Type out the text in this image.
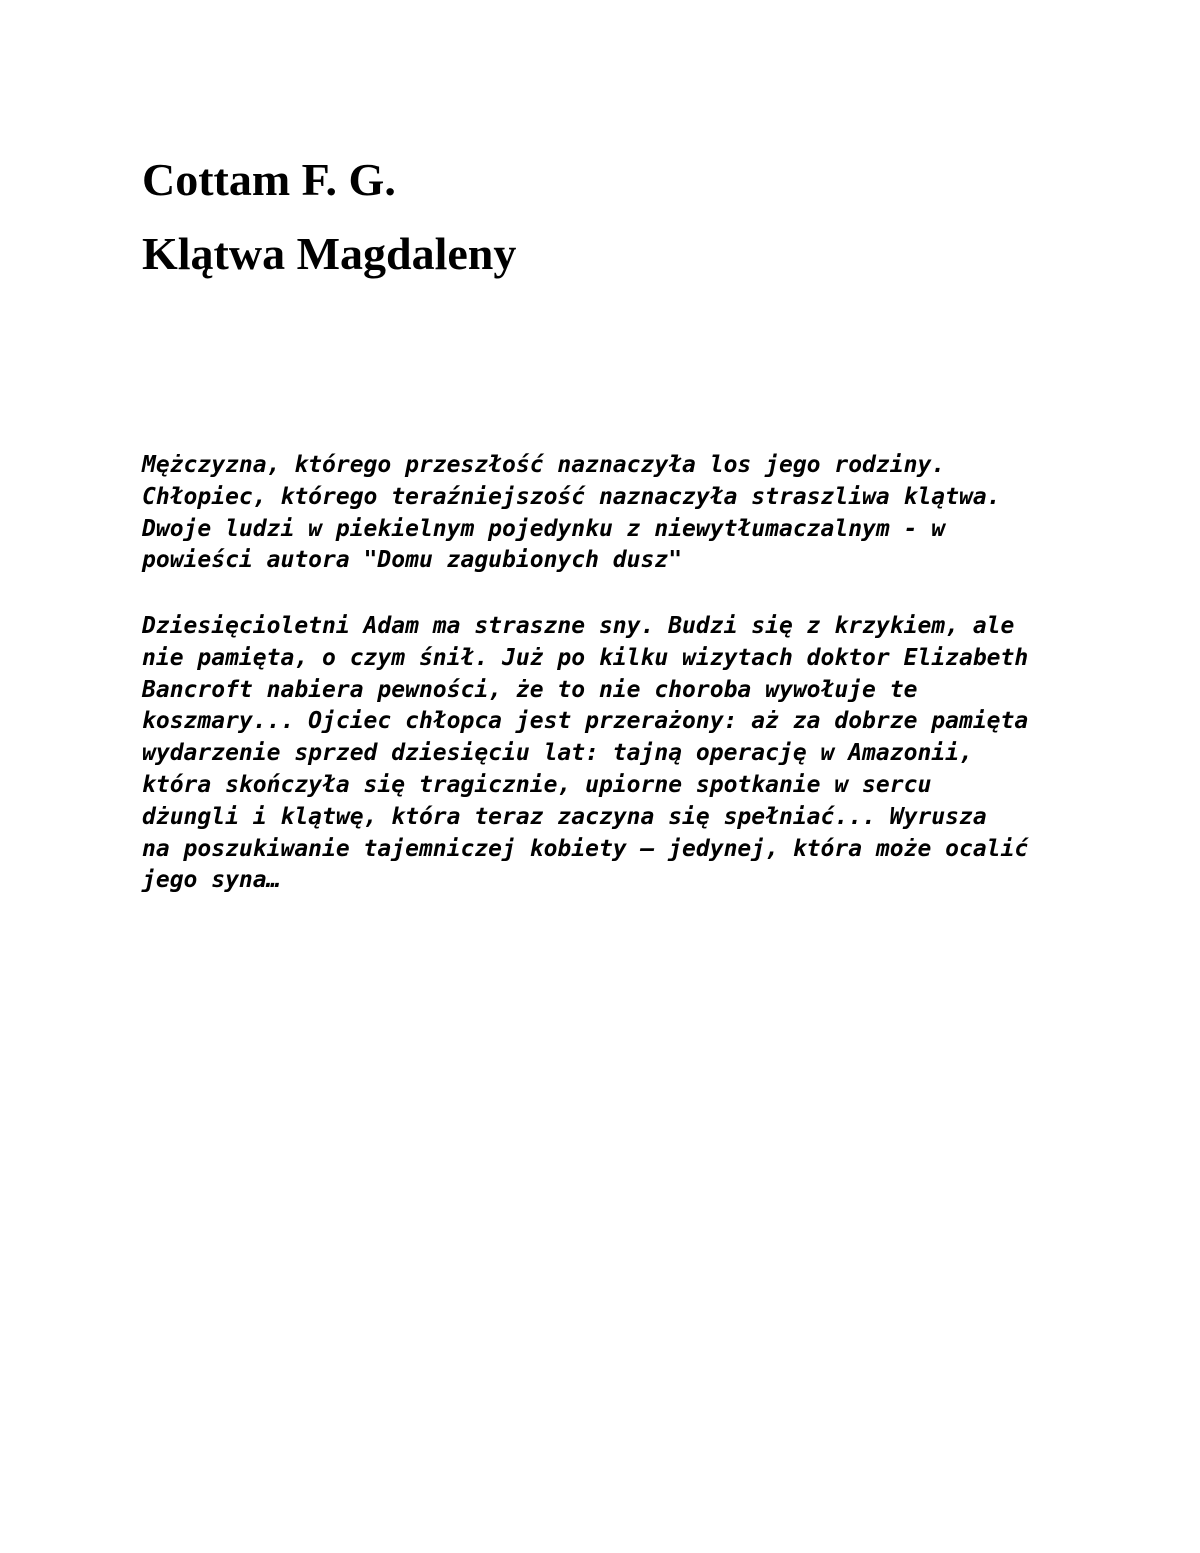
Cottam F. G.
Klątwa Magdaleny

Mężczyzna, którego przeszłość naznaczyła los jego rodziny.
Chłopiec, którego teraźniejszość naznaczyła straszliwa klątwa.
Dwoje ludzi w piekielnym pojedynku z niewytłumaczalnym - w
powieści autora "Domu zagubionych dusz"

Dziesięcioletni Adam ma straszne sny. Budzi się z krzykiem, ale
nie pamięta, o czym śnił. Już po kilku wizytach doktor Elizabeth
Bancroft nabiera pewności, że to nie choroba wywołuje te
koszmary... Ojciec chłopca jest przerażony: aż za dobrze pamięta
wydarzenie sprzed dziesięciu lat: tajną operację w Amazonii,
która skończyła się tragicznie, upiorne spotkanie w sercu
dżungli i klątwę, która teraz zaczyna się spełniać... Wyrusza
na poszukiwanie tajemniczej kobiety – jedynej, która może ocalić
jego syna…
